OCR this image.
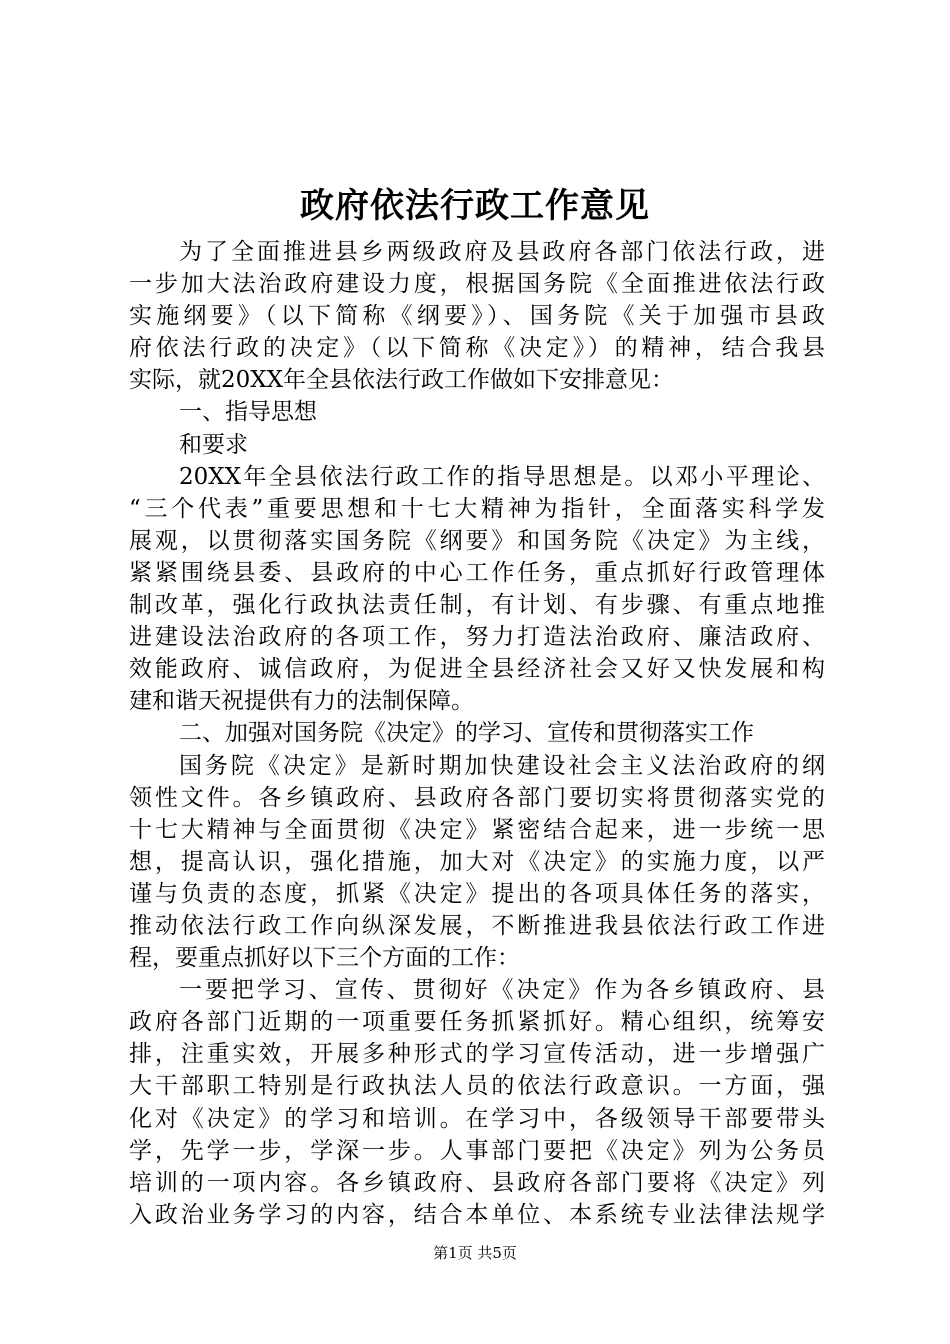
政府依法行政工作意见
为了全面推进县乡两级政府及县政府各部门依法行政，进
一步加大法治政府建设力度，根据国务院《全面推进依法行政
实施纲要》（以下简称《纲要》）、国务院《关于加强市县政
府依法行政的决定》（以下简称《决定》）的精神，结合我县
实际，就20XX年全县依法行政工作做如下安排意见：
一、指导思想
和要求
20XX年全县依法行政工作的指导思想是。以邓小平理论、
“三个代表”重要思想和十七大精神为指针，全面落实科学发
展观，以贯彻落实国务院《纲要》和国务院《决定》为主线，
紧紧围绕县委、县政府的中心工作任务，重点抓好行政管理体
制改革，强化行政执法责任制，有计划、有步骤、有重点地推
进建设法治政府的各项工作，努力打造法治政府、廉洁政府、
效能政府、诚信政府，为促进全县经济社会又好又快发展和构
建和谐天祝提供有力的法制保障。
二、加强对国务院《决定》的学习、宣传和贯彻落实工作
国务院《决定》是新时期加快建设社会主义法治政府的纲
领性文件。各乡镇政府、县政府各部门要切实将贯彻落实党的
十七大精神与全面贯彻《决定》紧密结合起来，进一步统一思
想，提高认识，强化措施，加大对《决定》的实施力度，以严
谨与负责的态度，抓紧《决定》提出的各项具体任务的落实，
推动依法行政工作向纵深发展，不断推进我县依法行政工作进
程，要重点抓好以下三个方面的工作：
一要把学习、宣传、贯彻好《决定》作为各乡镇政府、县
政府各部门近期的一项重要任务抓紧抓好。精心组织，统筹安
排，注重实效，开展多种形式的学习宣传活动，进一步增强广
大干部职工特别是行政执法人员的依法行政意识。一方面，强
化对《决定》的学习和培训。在学习中，各级领导干部要带头
学，先学一步，学深一步。人事部门要把《决定》列为公务员
培训的一项内容。各乡镇政府、县政府各部门要将《决定》列
入政治业务学习的内容，结合本单位、本系统专业法律法规学
第1页 共5页
